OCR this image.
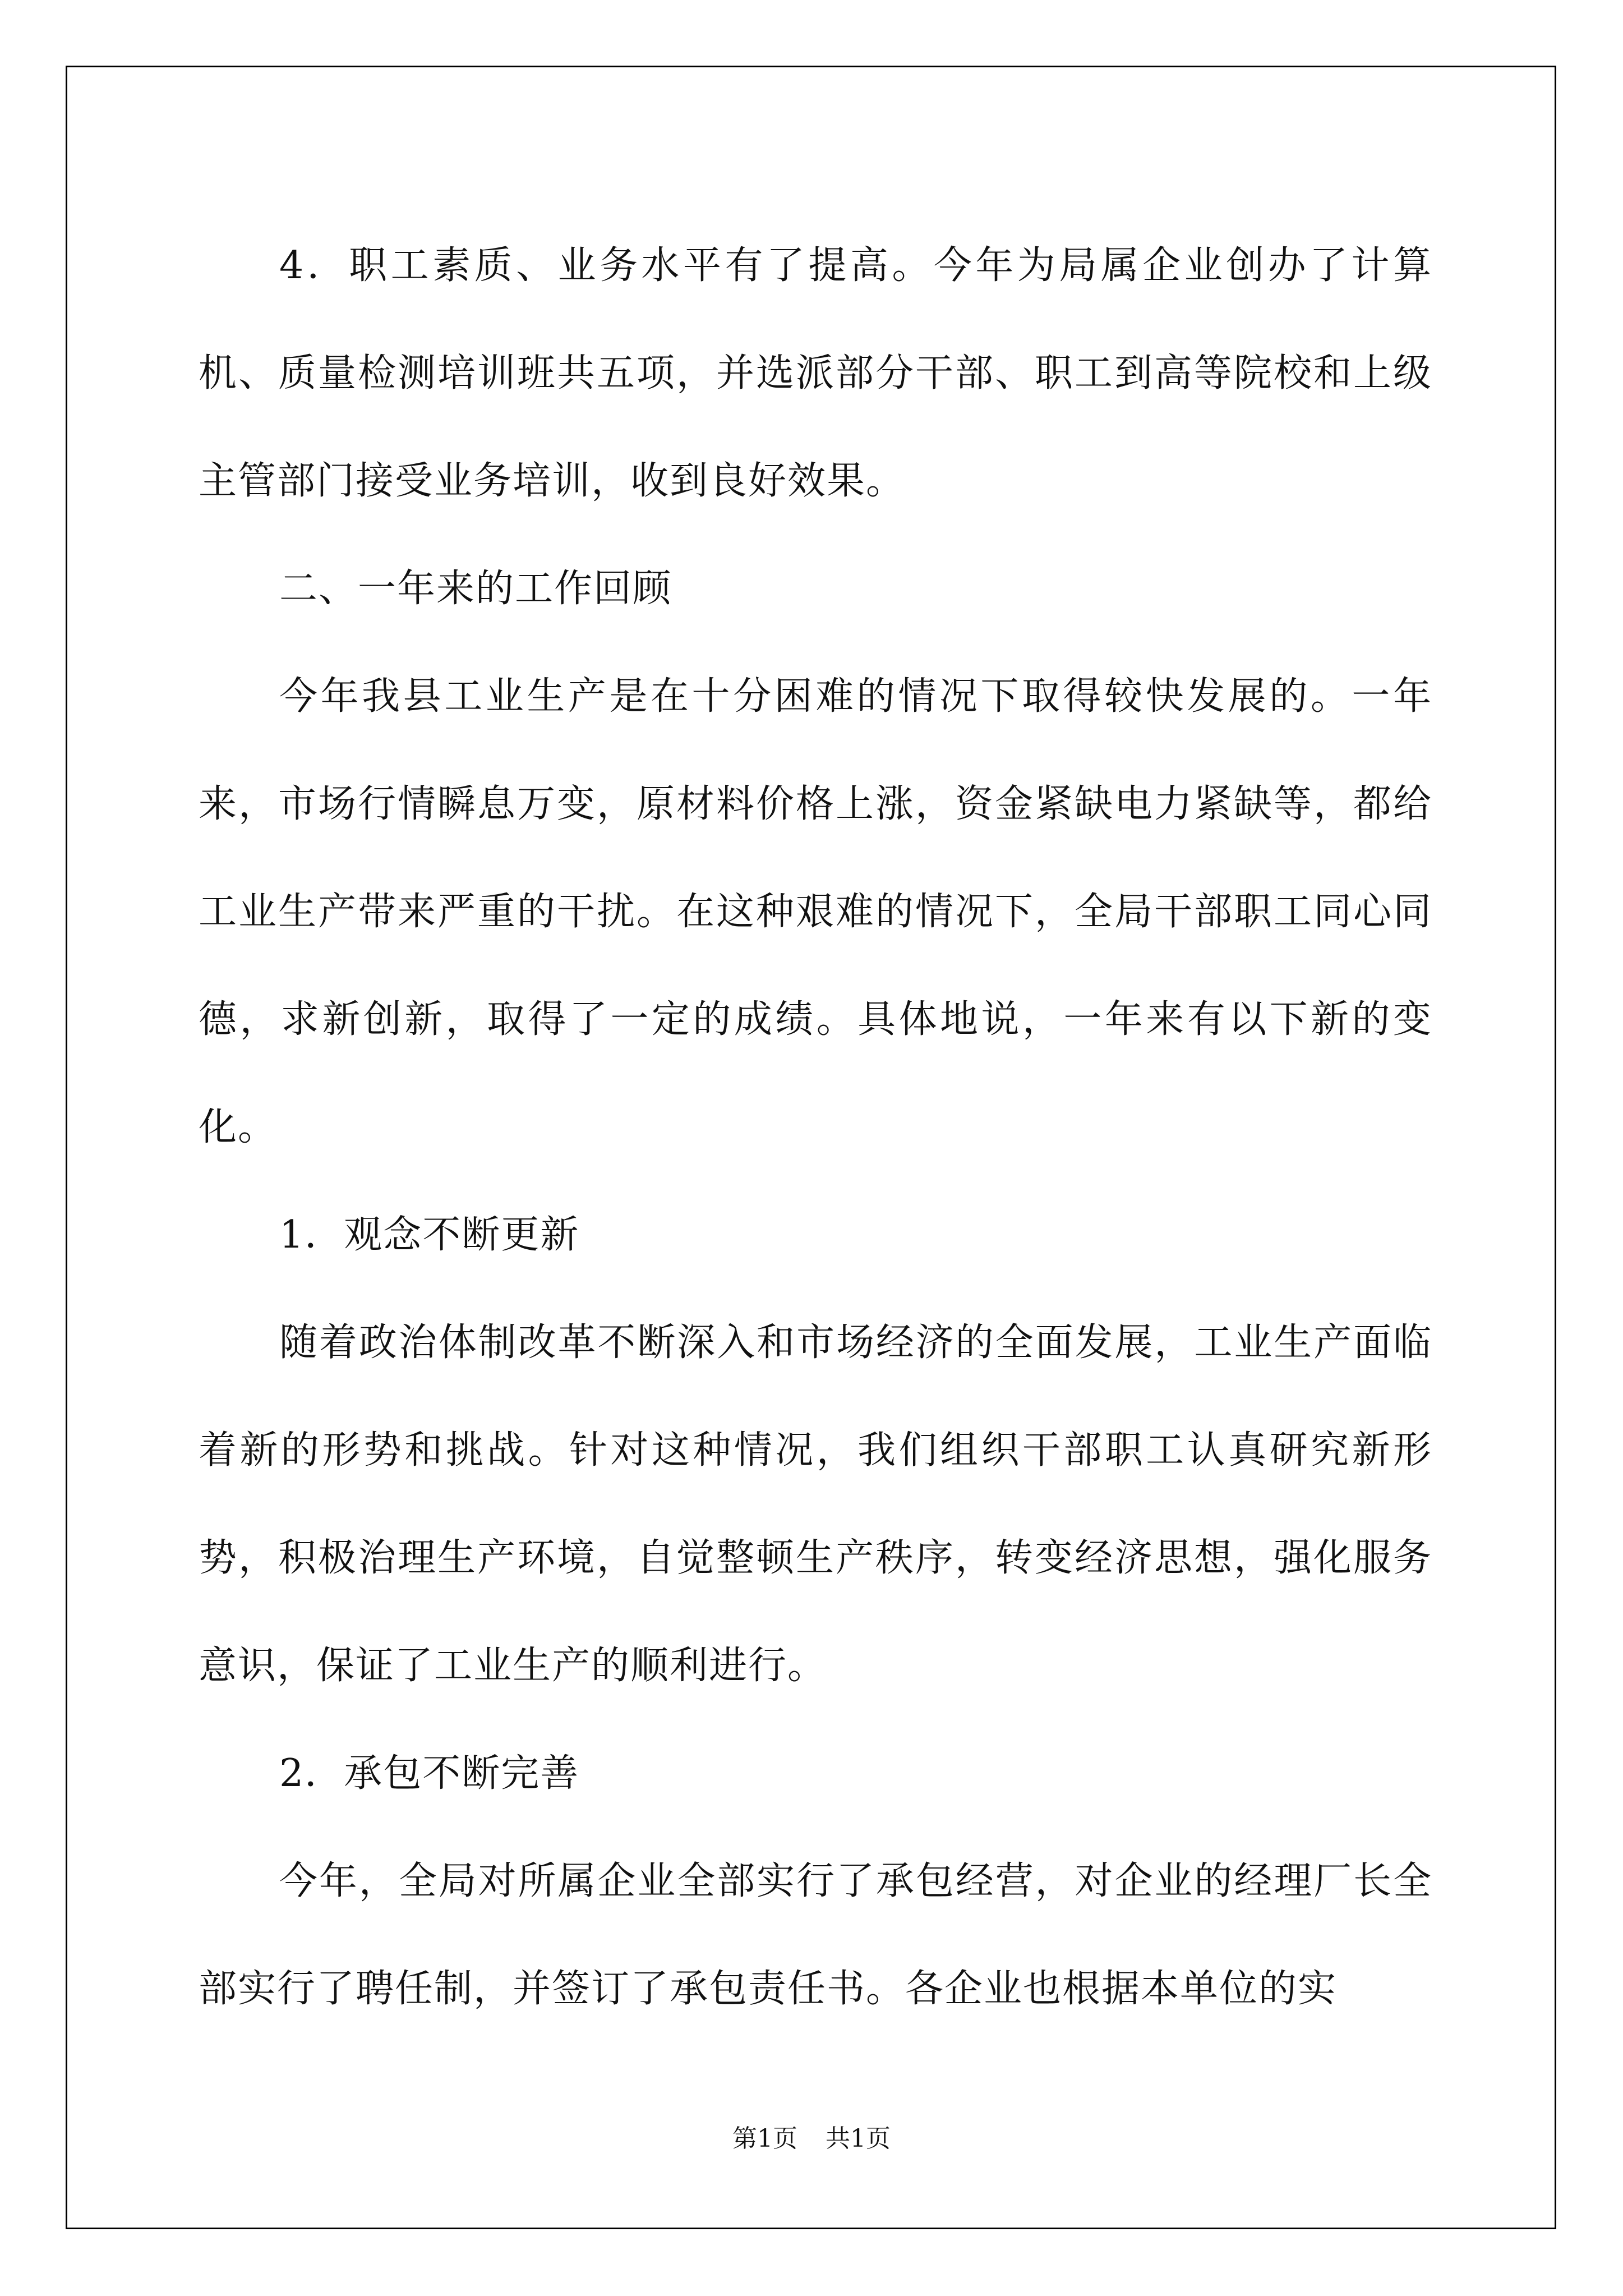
4．职工素质、业务水平有了提高。今年为局属企业创办了计算机、质量检测培训班共五项，并选派部分干部、职工到高等院校和上级主管部门接受业务培训，收到良好效果。

二、一年来的工作回顾

今年我县工业生产是在十分困难的情况下取得较快发展的。一年来，市场行情瞬息万变，原材料价格上涨，资金紧缺电力紧缺等，都给工业生产带来严重的干扰。在这种艰难的情况下，全局干部职工同心同德，求新创新，取得了一定的成绩。具体地说，一年来有以下新的变化。

1．观念不断更新

随着政治体制改革不断深入和市场经济的全面发展，工业生产面临着新的形势和挑战。针对这种情况，我们组织干部职工认真研究新形势，积极治理生产环境，自觉整顿生产秩序，转变经济思想，强化服务意识，保证了工业生产的顺利进行。

2．承包不断完善

今年，全局对所属企业全部实行了承包经营，对企业的经理厂长全部实行了聘任制，并签订了承包责任书。各企业也根据本单位的实

第1页 共1页
